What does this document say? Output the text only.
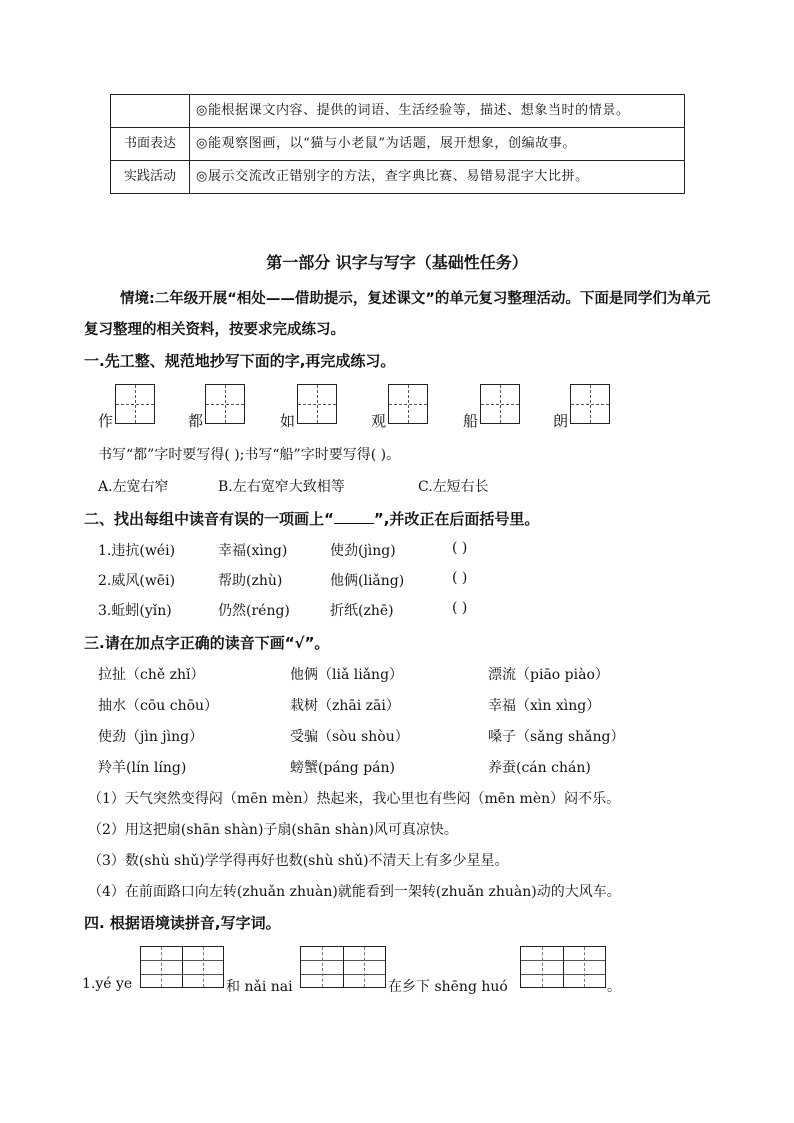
	◎能根据课文内容、提供的词语、生活经验等，描述、想象当时的情景。
书面表达	◎能观察图画，以“猫与小老鼠”为话题，展开想象，创编故事。
实践活动	◎展示交流改正错别字的方法，查字典比赛、易错易混字大比拼。
第一部分 识字与写字（基础性任务）
情境:二年级开展“相处——借助提示，复述课文”的单元复习整理活动。下面是同学们为单元复习整理的相关资料，按要求完成练习。
一.先工整、规范地抄写下面的字,再完成练习。
作	都	如	观	船	朗
书写“都”字时要写得( );书写“船”字时要写得( )。
A.左宽右窄	B.左右宽窄大致相等	C.左短右长
二、找出每组中读音有误的一项画上“	”,并改正在后面括号里。
1.违抗(wéi)	幸福(xìng)	使劲(jìng)	( )
2.威风(wēi)	帮助(zhù)	他俩(liǎng)	( )
3.蚯蚓(yǐn)	仍然(réng)	折纸(zhē)	( )
三.请在加点字正确的读音下画“√”。
拉扯（chě zhǐ）	他俩（liǎ liǎng）	漂流（piāo piào）
抽水（cōu chōu）	栽树（zhāi zāi）	幸福（xìn xìng）
使劲（jìn jìng）	受骗（sòu shòu）	嗓子（sǎng shǎng）
羚羊(lín líng)	螃蟹(páng pán)	养蚕(cán chán)
（1）天气突然变得闷（mēn mèn）热起来，我心里也有些闷（mēn mèn）闷不乐。
（2）用这把扇(shān shàn)子扇(shān shàn)风可真凉快。
（3）数(shù shǔ)学学得再好也数(shù shǔ)不清天上有多少星星。
（4）在前面路口向左转(zhuǎn zhuàn)就能看到一架转(zhuǎn zhuàn)动的大风车。
四. 根据语境读拼音,写字词。
1.yé ye	和 nǎi nai	在乡下 shēng huó	。
